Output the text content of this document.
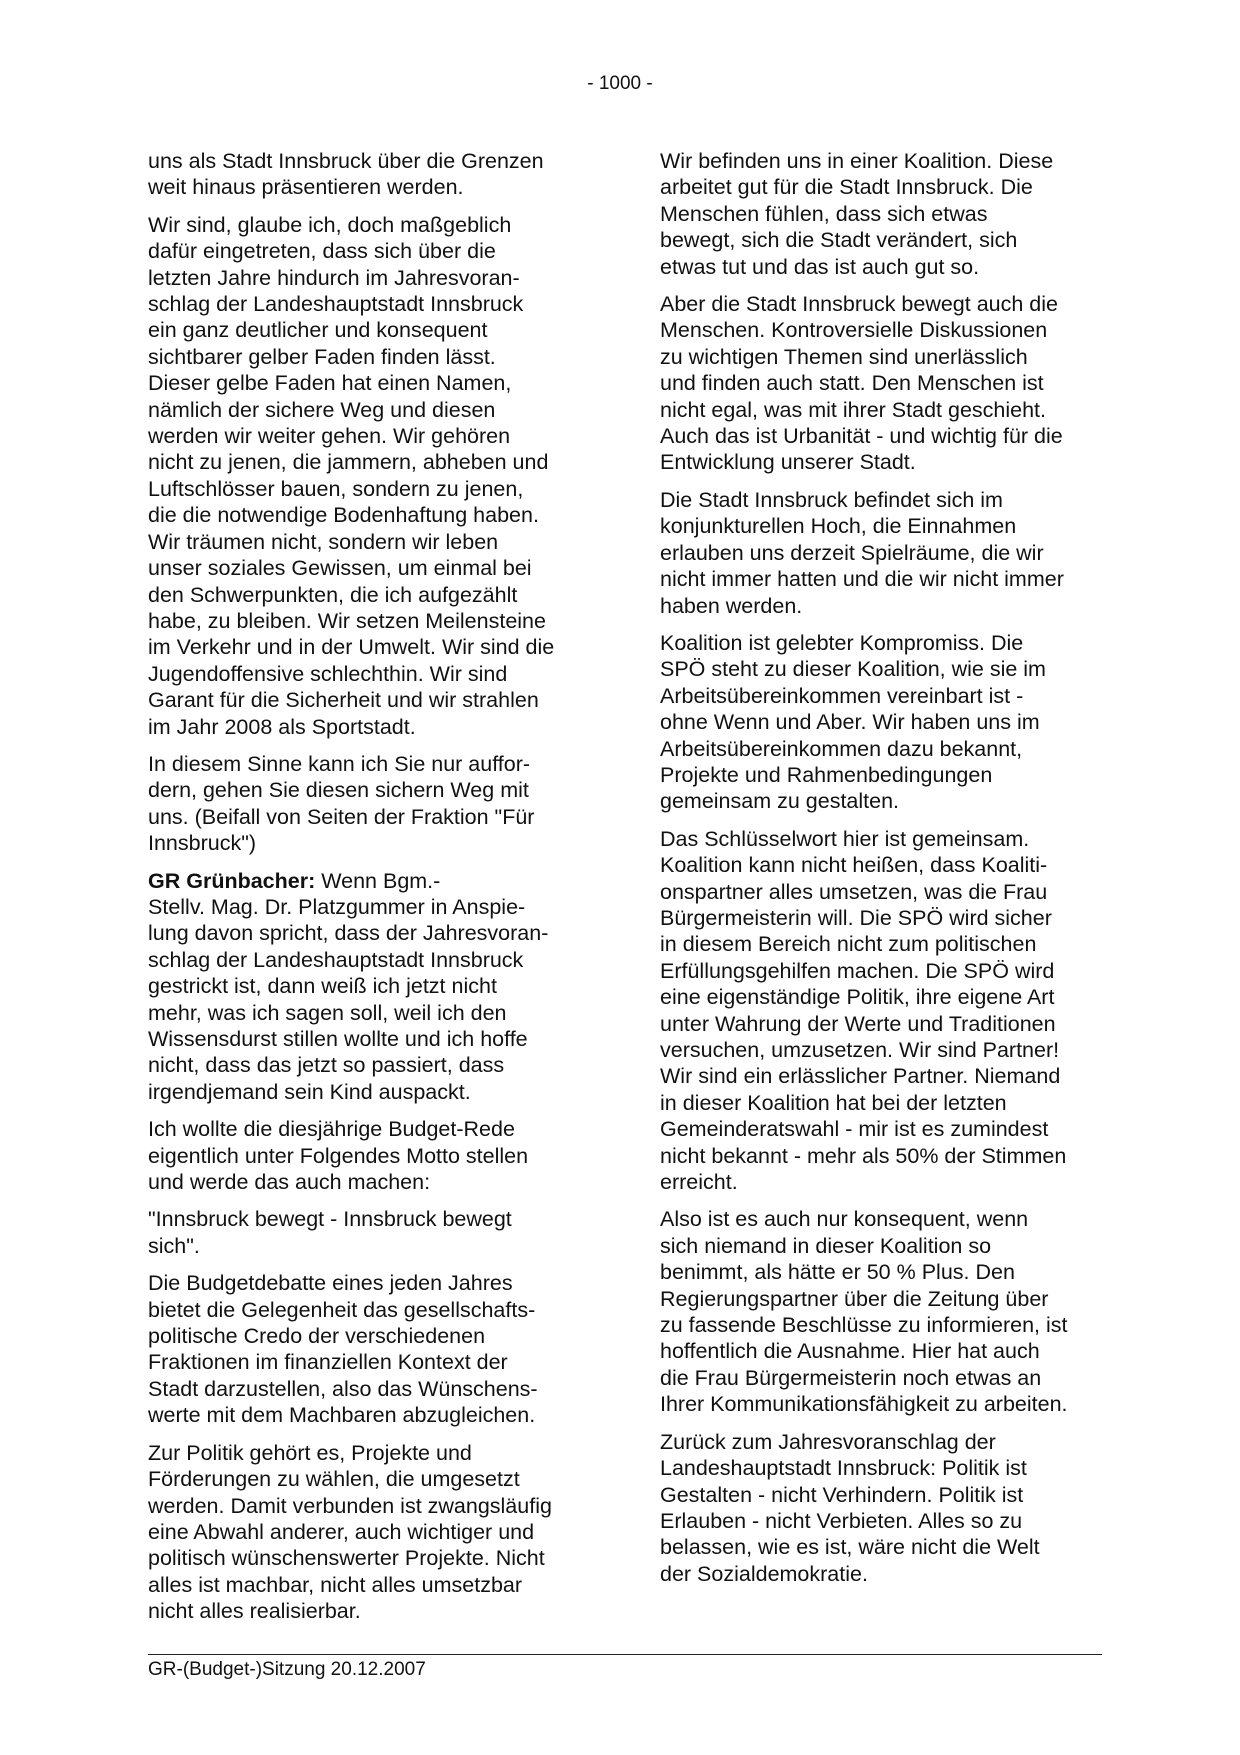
- 1000 -

uns als Stadt Innsbruck über die Grenzen
weit hinaus präsentieren werden.

Wir sind, glaube ich, doch maßgeblich
dafür eingetreten, dass sich über die
letzten Jahre hindurch im Jahresvoran-
schlag der Landeshauptstadt Innsbruck
ein ganz deutlicher und konsequent
sichtbarer gelber Faden finden lässt.
Dieser gelbe Faden hat einen Namen,
nämlich der sichere Weg und diesen
werden wir weiter gehen. Wir gehören
nicht zu jenen, die jammern, abheben und
Luftschlösser bauen, sondern zu jenen,
die die notwendige Bodenhaftung haben.
Wir träumen nicht, sondern wir leben
unser soziales Gewissen, um einmal bei
den Schwerpunkten, die ich aufgezählt
habe, zu bleiben. Wir setzen Meilensteine
im Verkehr und in der Umwelt. Wir sind die
Jugendoffensive schlechthin. Wir sind
Garant für die Sicherheit und wir strahlen
im Jahr 2008 als Sportstadt.

In diesem Sinne kann ich Sie nur auffor-
dern, gehen Sie diesen sichern Weg mit
uns. (Beifall von Seiten der Fraktion "Für
Innsbruck")

GR Grünbacher: Wenn Bgm.-
Stellv. Mag. Dr. Platzgummer in Anspie-
lung davon spricht, dass der Jahresvoran-
schlag der Landeshauptstadt Innsbruck
gestrickt ist, dann weiß ich jetzt nicht
mehr, was ich sagen soll, weil ich den
Wissensdurst stillen wollte und ich hoffe
nicht, dass das jetzt so passiert, dass
irgendjemand sein Kind auspackt.

Ich wollte die diesjährige Budget-Rede
eigentlich unter Folgendes Motto stellen
und werde das auch machen:

"Innsbruck bewegt - Innsbruck bewegt
sich".

Die Budgetdebatte eines jeden Jahres
bietet die Gelegenheit das gesellschafts-
politische Credo der verschiedenen
Fraktionen im finanziellen Kontext der
Stadt darzustellen, also das Wünschens-
werte mit dem Machbaren abzugleichen.

Zur Politik gehört es, Projekte und
Förderungen zu wählen, die umgesetzt
werden. Damit verbunden ist zwangsläufig
eine Abwahl anderer, auch wichtiger und
politisch wünschenswerter Projekte. Nicht
alles ist machbar, nicht alles umsetzbar
nicht alles realisierbar.

Wir befinden uns in einer Koalition. Diese
arbeitet gut für die Stadt Innsbruck. Die
Menschen fühlen, dass sich etwas
bewegt, sich die Stadt verändert, sich
etwas tut und das ist auch gut so.

Aber die Stadt Innsbruck bewegt auch die
Menschen. Kontroversielle Diskussionen
zu wichtigen Themen sind unerlässlich
und finden auch statt. Den Menschen ist
nicht egal, was mit ihrer Stadt geschieht.
Auch das ist Urbanität - und wichtig für die
Entwicklung unserer Stadt.

Die Stadt Innsbruck befindet sich im
konjunkturellen Hoch, die Einnahmen
erlauben uns derzeit Spielräume, die wir
nicht immer hatten und die wir nicht immer
haben werden.

Koalition ist gelebter Kompromiss. Die
SPÖ steht zu dieser Koalition, wie sie im
Arbeitsübereinkommen vereinbart ist -
ohne Wenn und Aber. Wir haben uns im
Arbeitsübereinkommen dazu bekannt,
Projekte und Rahmenbedingungen
gemeinsam zu gestalten.

Das Schlüsselwort hier ist gemeinsam.
Koalition kann nicht heißen, dass Koaliti-
onspartner alles umsetzen, was die Frau
Bürgermeisterin will. Die SPÖ wird sicher
in diesem Bereich nicht zum politischen
Erfüllungsgehilfen machen. Die SPÖ wird
eine eigenständige Politik, ihre eigene Art
unter Wahrung der Werte und Traditionen
versuchen, umzusetzen. Wir sind Partner!
Wir sind ein erlässlicher Partner. Niemand
in dieser Koalition hat bei der letzten
Gemeinderatswahl - mir ist es zumindest
nicht bekannt - mehr als 50% der Stimmen
erreicht.

Also ist es auch nur konsequent, wenn
sich niemand in dieser Koalition so
benimmt, als hätte er 50 % Plus. Den
Regierungspartner über die Zeitung über
zu fassende Beschlüsse zu informieren, ist
hoffentlich die Ausnahme. Hier hat auch
die Frau Bürgermeisterin noch etwas an
Ihrer Kommunikationsfähigkeit zu arbeiten.

Zurück zum Jahresvoranschlag der
Landeshauptstadt Innsbruck: Politik ist
Gestalten - nicht Verhindern. Politik ist
Erlauben - nicht Verbieten. Alles so zu
belassen, wie es ist, wäre nicht die Welt
der Sozialdemokratie.

GR-(Budget-)Sitzung 20.12.2007
